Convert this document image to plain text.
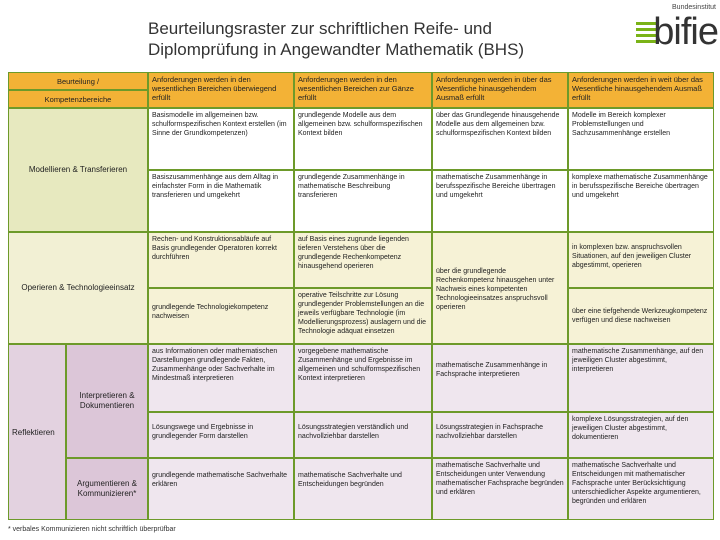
Beurteilungsraster zur schriftlichen Reife- und Diplomprüfung in Angewandter Mathematik (BHS)
Bundesinstitut
bifie
Beurteilung /
Kompetenzbereiche
Anforderungen werden in den wesentlichen Bereichen überwiegend erfüllt
Anforderungen werden in den wesentlichen Bereichen zur Gänze erfüllt
Anforderungen werden in über das Wesentliche hinausgehendem Ausmaß erfüllt
Anforderungen werden in weit über das Wesentliche hinausgehendem Ausmaß erfüllt
Modellieren & Transferieren
Basismodelle im allgemeinen bzw. schulformspezifischen Kontext erstellen (im Sinne der Grundkompetenzen)
grundlegende Modelle aus dem allgemeinen bzw. schulformspezifischen Kontext bilden
über das Grundlegende hinausgehende Modelle aus dem allgemeinen bzw. schulformspezifischen Kontext bilden
Modelle im Bereich komplexer Problemstellungen und Sachzusammenhänge erstellen
Basiszusammenhänge aus dem Alltag in einfachster Form in die Mathematik transferieren und umgekehrt
grundlegende Zusammenhänge in mathematische Beschreibung transferieren
mathematische Zusammenhänge in berufsspezifische Bereiche übertragen und umgekehrt
komplexe mathematische Zusammenhänge in berufsspezifische Bereiche übertragen und umgekehrt
Operieren & Technologieeinsatz
Rechen- und Konstruktionsabläufe auf Basis grundlegender Operatoren korrekt durchführen
auf Basis eines zugrunde liegenden tieferen Verstehens über die grundlegende Rechenkompetenz hinausgehend operieren
über die grundlegende Rechenkompetenz hinausgehen unter Nachweis eines kompetenten Technologieeinsatzes anspruchsvoll operieren
in komplexen bzw. anspruchsvollen Situationen, auf den jeweiligen Cluster abgestimmt, operieren
grundlegende Technologiekompetenz nachweisen
operative Teilschritte zur Lösung grundlegender Problemstellungen an die jeweils verfügbare Technologie (im Modellierungsprozess) auslagern und die Technologie adäquat einsetzen
über eine tiefgehende Werkzeugkompetenz verfügen und diese nachweisen
Reflektieren
Interpretieren & Dokumentieren
Argumentieren & Kommunizieren*
aus Informationen oder mathematischen Darstellungen grundlegende Fakten, Zusammenhänge oder Sachverhalte im Mindestmaß interpretieren
vorgegebene mathematische Zusammenhänge und Ergebnisse im allgemeinen und schulformspezifischen Kontext interpretieren
mathematische Zusammenhänge in Fachsprache interpretieren
mathematische Zusammenhänge, auf den jeweiligen Cluster abgestimmt, interpretieren
Lösungswege und Ergebnisse in grundlegender Form darstellen
Lösungsstrategien verständlich und nachvollziehbar darstellen
Lösungsstrategien in Fachsprache nachvollziehbar darstellen
komplexe Lösungsstrategien, auf den jeweiligen Cluster abgestimmt, dokumentieren
grundlegende mathematische Sachverhalte erklären
mathematische Sachverhalte und Entscheidungen begründen
mathematische Sachverhalte und Entscheidungen unter Verwendung mathematischer Fachsprache begründen und erklären
mathematische Sachverhalte und Entscheidungen mit mathematischer Fachsprache unter Berücksichtigung unterschiedlicher Aspekte argumentieren, begründen und erklären
* verbales Kommunizieren nicht schriftlich überprüfbar
